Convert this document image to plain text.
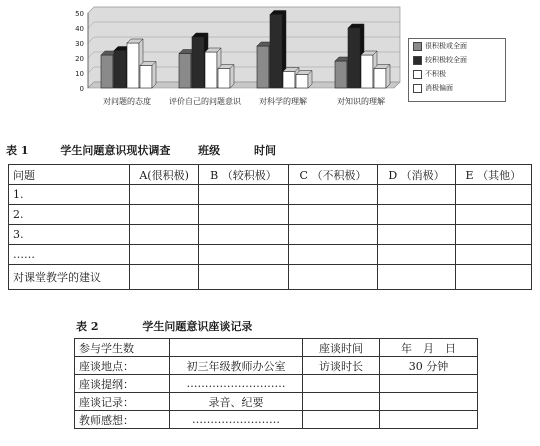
0
10
20
30
40
50
对问题的态度 评价自己的问题意识 对科学的理解	对知识的理解
很积极或全面
较积极较全面
不积极
消极偏面
表 1	学生问题意识现状调查	班级	时间
问题	A(很积极)	B （较积极）	C （不积极）	D （消极）	E （其他）
1.					
2.					
3.					
……					
对课堂教学的建议					
表 2	学生问题意识座谈记录
参与学生数		座谈时间	年　月　日
座谈地点：	初三年级教师办公室	访谈时长	30 分钟
座谈提纲：	………………………		
座谈记录：	录音、纪要		
教师感想：	……………………		
